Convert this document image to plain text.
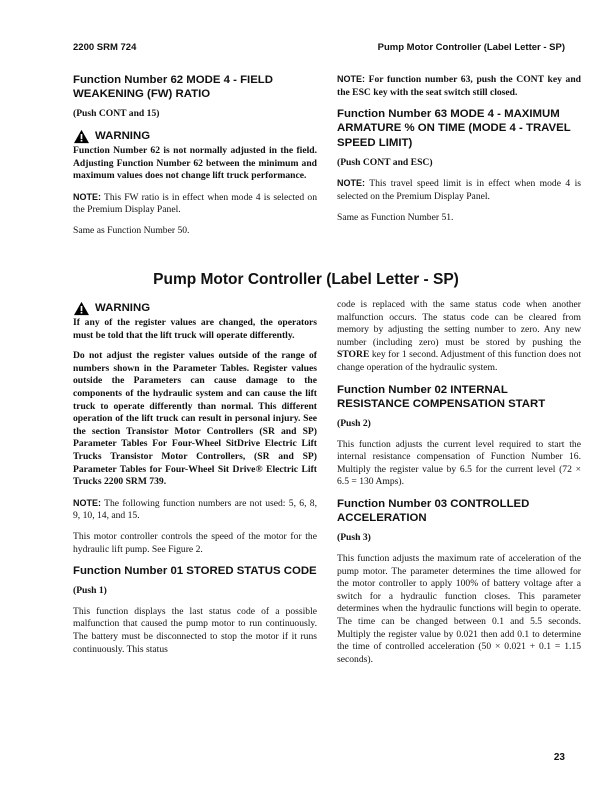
2200 SRM 724	Pump Motor Controller (Label Letter - SP)
Function Number 62 MODE 4 - FIELD WEAKENING (FW) RATIO

(Push CONT and 15)

WARNING

Function Number 62 is not normally adjusted in the field. Adjusting Function Number 62 between the minimum and maximum values does not change lift truck performance.

NOTE: This FW ratio is in effect when mode 4 is selected on the Premium Display Panel.

Same as Function Number 50.

NOTE: For function number 63, push the CONT key and the ESC key with the seat switch still closed.

Function Number 63 MODE 4 - MAXIMUM ARMATURE % ON TIME (MODE 4 - TRAVEL SPEED LIMIT)

(Push CONT and ESC)

NOTE: This travel speed limit is in effect when mode 4 is selected on the Premium Display Panel.

Same as Function Number 51.

Pump Motor Controller (Label Letter - SP)
WARNING

If any of the register values are changed, the operators must be told that the lift truck will operate differently.

Do not adjust the register values outside of the range of numbers shown in the Parameter Tables. Register values outside the Parameters can cause damage to the components of the hydraulic system and can cause the lift truck to operate differently than normal. This different operation of the lift truck can result in personal injury. See the section Transistor Motor Controllers (SR and SP) Parameter Tables For Four-Wheel SitDrive Electric Lift Trucks Transistor Motor Controllers, (SR and SP) Parameter Tables for Four-Wheel Sit Drive® Electric Lift Trucks 2200 SRM 739.

NOTE: The following function numbers are not used: 5, 6, 8, 9, 10, 14, and 15.

This motor controller controls the speed of the motor for the hydraulic lift pump. See Figure 2.

Function Number 01 STORED STATUS CODE

(Push 1)

This function displays the last status code of a possible malfunction that caused the pump motor to run continuously. The battery must be disconnected to stop the motor if it runs continuously. This status

code is replaced with the same status code when another malfunction occurs. The status code can be cleared from memory by adjusting the setting number to zero. Any new number (including zero) must be stored by pushing the STORE key for 1 second. Adjustment of this function does not change operation of the hydraulic system.

Function Number 02 INTERNAL RESISTANCE COMPENSATION START

(Push 2)

This function adjusts the current level required to start the internal resistance compensation of Function Number 16. Multiply the register value by 6.5 for the current level (72 × 6.5 = 130 Amps).

Function Number 03 CONTROLLED ACCELERATION

(Push 3)

This function adjusts the maximum rate of acceleration of the pump motor. The parameter determines the time allowed for the motor controller to apply 100% of battery voltage after a switch for a hydraulic function closes. This parameter determines when the hydraulic functions will begin to operate. The time can be changed between 0.1 and 5.5 seconds. Multiply the register value by 0.021 then add 0.1 to determine the time of controlled acceleration (50 × 0.021 + 0.1 = 1.15 seconds).

23
